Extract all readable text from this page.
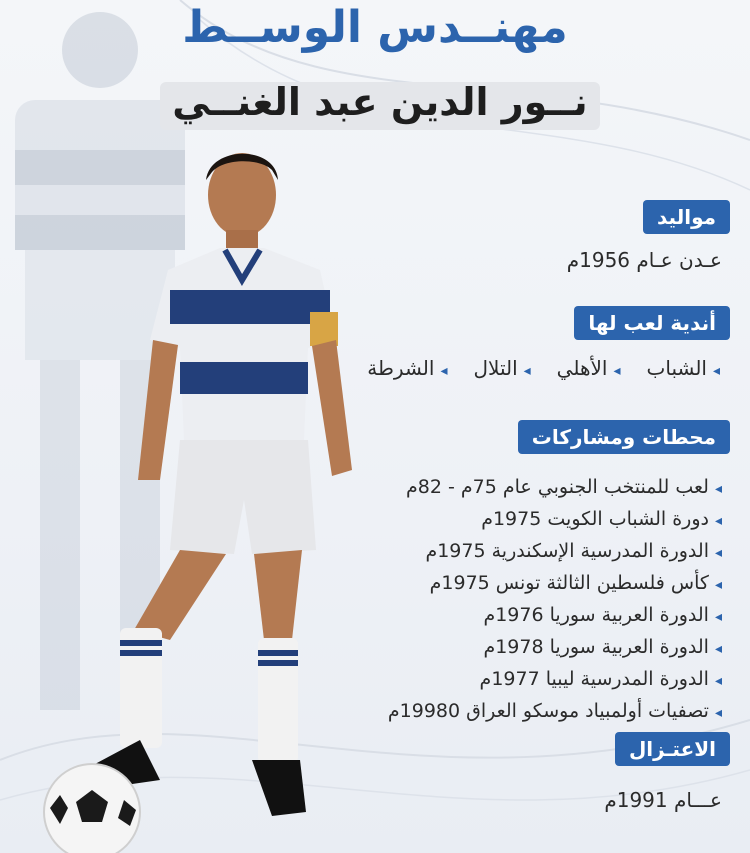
مهنــدس الوســط
نــور الدين عبد الغنــي
مواليد
عـدن عـام 1956م
أندية لعب لها
◂ الشباب
◂ الأهلي
◂ التلال
◂ الشرطة
محطات ومشاركات
◂ لعب للمنتخب الجنوبي عام 75م - 82م
◂ دورة الشباب الكويت 1975م
◂ الدورة المدرسية الإسكندرية 1975م
◂ كأس فلسطين الثالثة تونس 1975م
◂ الدورة العربية سوريا 1976م
◂ الدورة العربية سوريا 1978م
◂ الدورة المدرسية ليبيا 1977م
◂ تصفيات أولمبياد موسكو العراق 19980م
الاعتـزال
عـــام 1991م
